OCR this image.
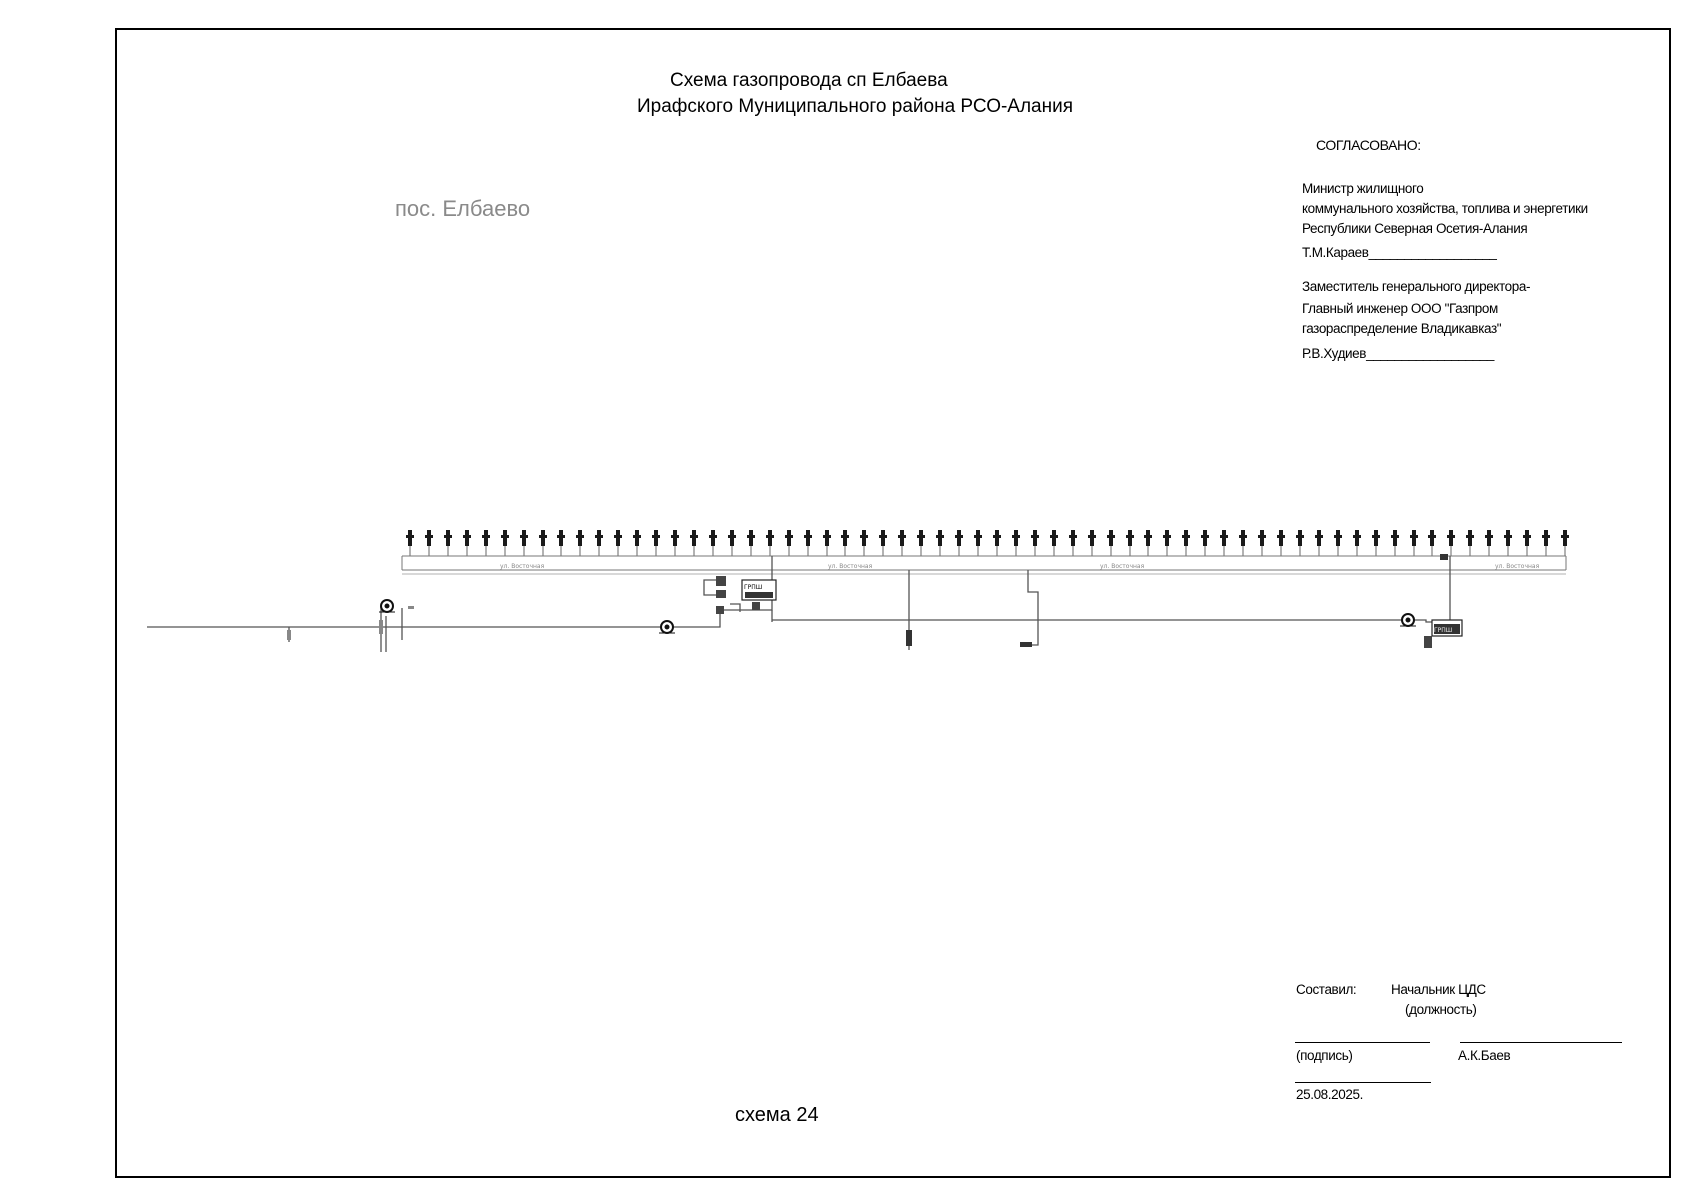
Схема газопровода сп Елбаева
Ирафского Муниципального района РСО-Алания
пос. Елбаево
СОГЛАСОВАНО:
Министр жилищного
коммунального хозяйства, топлива и энергетики
Республики Северная Осетия-Алания
Т.М.Караев__________________
Заместитель генерального директора-
Главный инженер ООО "Газпром
газораспределение Владикавказ"
Р.В.Худиев__________________
Составил:	Начальник ЦДС
(должность)
(подпись)	А.К.Баев
25.08.2025.
схема 24
ул. Восточная	ул. Восточная	ул. Восточная	ул. Восточная
ГРПШ
ГРПШ
